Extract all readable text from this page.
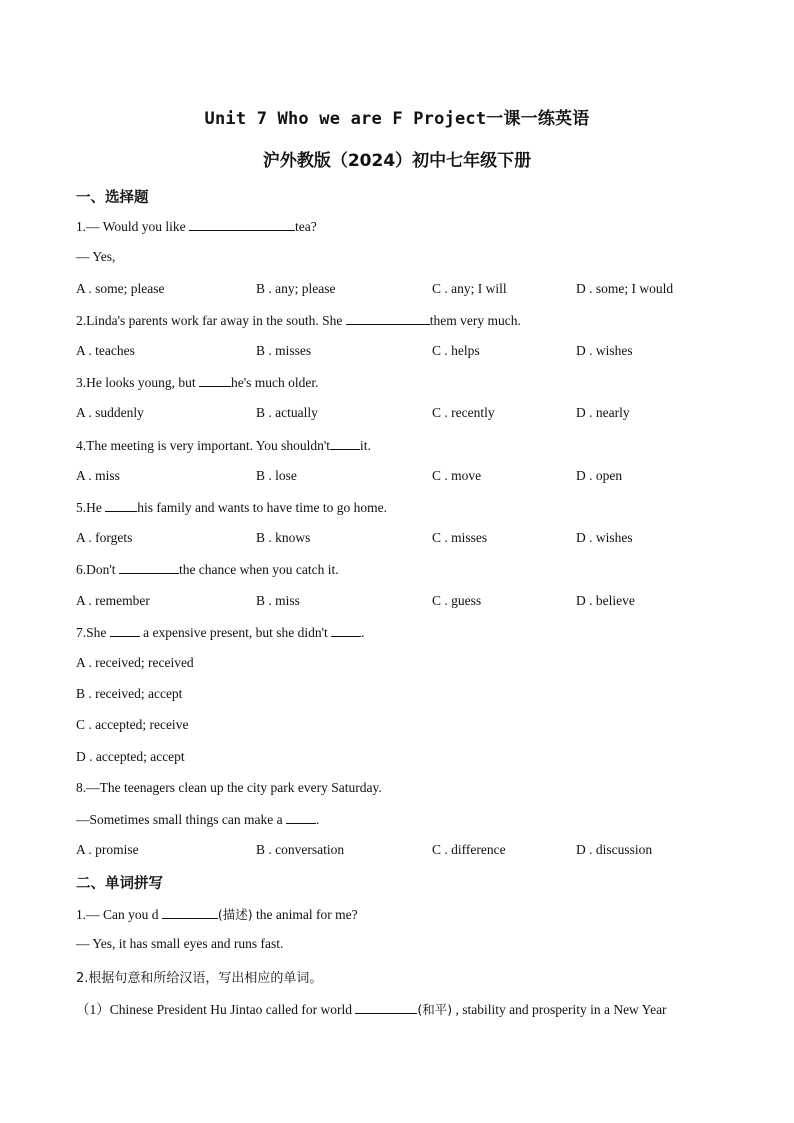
Unit 7 Who we are F Project一课一练英语
沪外教版（2024）初中七年级下册
一、选择题
1.— Would you like	tea?
— Yes,
A . some; please	B . any; please	C . any; I will	D . some; I would
2.Linda's parents work far away in the south. She	them very much.
A . teaches	B . misses	C . helps	D . wishes
3.He looks young, but he's much older.
A . suddenly	B . actually	C . recently	D . nearly
4.The meeting is very important. You shouldn't it.
A . miss	B . lose	C . move	D . open
5.He his family and wants to have time to go home.
A . forgets	B . knows	C . misses	D . wishes
6.Don't	the chance when you catch it.
A . remember	B . miss	C . guess	D . believe
7.She  a expensive present, but she didn't .
A . received; received
B . received; accept
C . accepted; receive
D . accepted; accept
8.—The teenagers clean up the city park every Saturday.
—Sometimes small things can make a .
A . promise	B . conversation	C . difference	D . discussion
二、单词拼写
1.— Can you d	(描述) the animal for me?
— Yes, it has small eyes and runs fast.
2.根据句意和所给汉语，写出相应的单词。
（1）Chinese President Hu Jintao called for world	(和平) , stability and prosperity in a New Year
